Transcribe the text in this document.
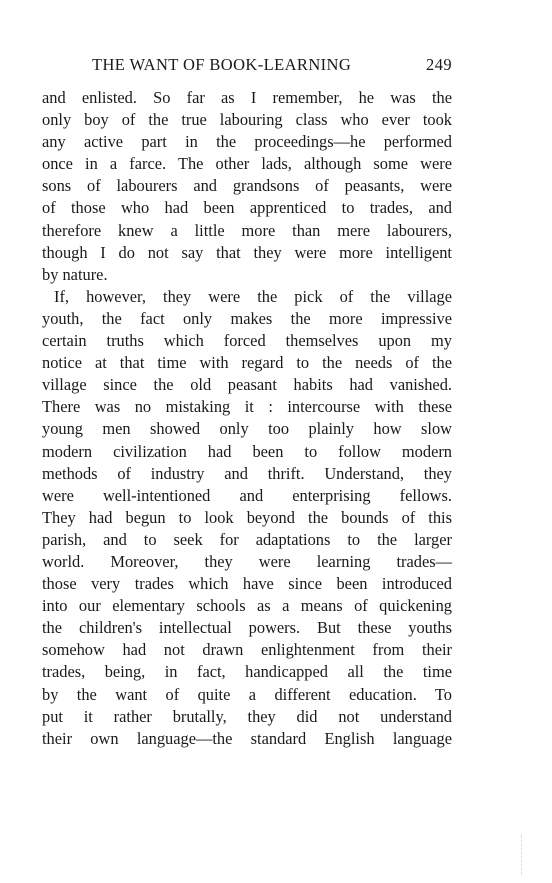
THE WANT OF BOOK-LEARNING	249
and enlisted. So far as I remember, he was the
only boy of the true labouring class who ever took
any active part in the proceedings—he performed
once in a farce. The other lads, although some were
sons of labourers and grandsons of peasants, were
of those who had been apprenticed to trades, and
therefore knew a little more than mere labourers,
though I do not say that they were more intelligent
by nature.
If, however, they were the pick of the village
youth, the fact only makes the more impressive
certain truths which forced themselves upon my
notice at that time with regard to the needs of the
village since the old peasant habits had vanished.
There was no mistaking it : intercourse with these
young men showed only too plainly how slow
modern civilization had been to follow modern
methods of industry and thrift. Understand, they
were well-intentioned and enterprising fellows.
They had begun to look beyond the bounds of this
parish, and to seek for adaptations to the larger
world. Moreover, they were learning trades—
those very trades which have since been introduced
into our elementary schools as a means of quickening
the children's intellectual powers. But these youths
somehow had not drawn enlightenment from their
trades, being, in fact, handicapped all the time
by the want of quite a different education. To
put it rather brutally, they did not understand
their own language—the standard English language
